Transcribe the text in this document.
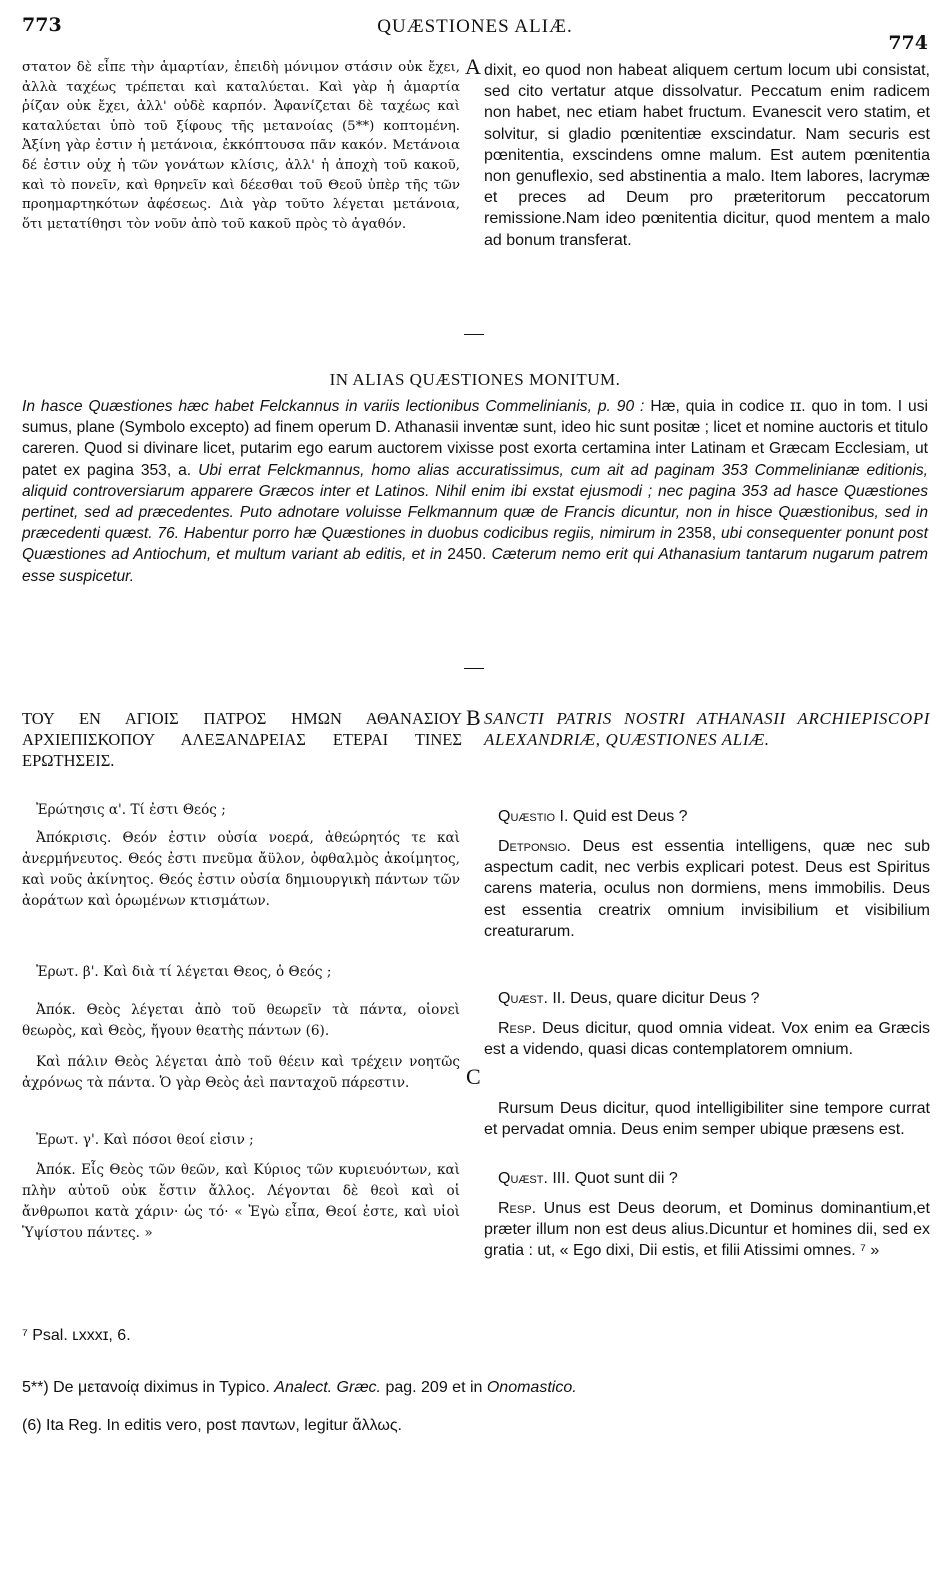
773	QUÆSTIONES ALIÆ.
774
στατον δὲ εἶπε τὴν ἁμαρτίαν, ἐπειδὴ μόνιμον στάσιν οὐκ ἔχει, ἀλλὰ ταχέως τρέπεται καὶ καταλύεται. Καὶ γὰρ ἡ ἁμαρτία ῥίζαν οὐκ ἔχει, ἀλλ' οὐδὲ καρπόν. Ἀφανίζεται δὲ ταχέως καὶ καταλύεται ὑπὸ τοῦ ξίφους τῆς μετανοίας (5**) κοπτομένη. Ἀξίνη γὰρ ἐστιν ἡ μετάνοια, ἐκκόπτουσα πᾶν κακόν. Μετάνοια δέ ἐστιν οὐχ ἡ τῶν γονάτων κλίσις, ἀλλ' ἡ ἀποχὴ τοῦ κακοῦ, καὶ τὸ πονεῖν, καὶ θρηνεῖν καὶ δέεσθαι τοῦ Θεοῦ ὑπὲρ τῆς τῶν προημαρτηκότων ἀφέσεως. Διὰ γὰρ τοῦτο λέγεται μετάνοια, ὅτι μετατίθησι τὸν νοῦν ἀπὸ τοῦ κακοῦ πρὸς τὸ ἀγαθόν.
A dixit, eo quod non habeat aliquem certum locum ubi consistat, sed cito vertatur atque dissolvatur. Peccatum enim radicem non habet, nec etiam habet fructum. Evanescit vero statim, et solvitur, si gladio pœnitentiæ exscindatur. Nam securis est pœnitentia, exscindens omne malum. Est autem pœnitentia non genuflexio, sed abstinentia a malo. Item labores, lacrymæ et preces ad Deum pro præteritorum peccatorum remissione.Nam ideo pœnitentia dicitur, quod mentem a malo ad bonum transferat.
IN ALIAS QUÆSTIONES MONITUM.
In hasce Quæstiones hæc habet Felckannus in variis lectionibus Commelinianis, p. 90 : Hæ, quia in codice ɪɪ. quo in tom. I usi sumus, plane (Symbolo excepto) ad finem operum D. Athanasii inventæ sunt, ideo hic sunt positæ ; licet et nomine auctoris et titulo careren. Quod si divinare licet, putarim ego earum auctorem vixisse post exorta certamina inter Latinam et Græcam Ecclesiam, ut patet ex pagina 353, a. Ubi errat Felckmannus, homo alias accuratissimus, cum ait ad paginam 353 Commelinianæ editionis, aliquid controversiarum apparere Græcos inter et Latinos. Nihil enim ibi exstat ejusmodi ; nec pagina 353 ad hasce Quæstiones pertinet, sed ad præcedentes. Puto adnotare voluisse Felkmannum quæ de Francis dicuntur, non in hisce Quæstionibus, sed in præcedenti quæst. 76. Habentur porro hæ Quæstiones in duobus codicibus regiis, nimirum in 2358, ubi consequenter ponunt post Quæstiones ad Antiochum, et multum variant ab editis, et in 2450. Cæterum nemo erit qui Athanasium tantarum nugarum patrem esse suspicetur.
ΤΟΥ ΕΝ ΑΓΙΟΙΣ ΠΑΤΡΟΣ ΗΜΩΝ ΑΘΑΝΑΣΙΟΥ ΑΡΧΙΕΠΙΣΚΟΠΟΥ ΑΛΕΞΑΝΔΡΕΙΑΣ ΕΤΕΡΑΙ ΤΙΝΕΣ ΕΡΩΤΗΣΕΙΣ.
B SANCTI PATRIS NOSTRI ATHANASII ARCHIEPISCOPI ALEXANDRIÆ, QUÆSTIONES ALIÆ.
Ἐρώτησις α'. Τί ἐστι Θεός ;
Ἀπόκρισις. Θεόν ἐστιν οὐσία νοερά, ἀθεώρητός τε καὶ ἀνερμήνευτος. Θεός ἐστι πνεῦμα ἄϋλον, ὀφθαλμὸς ἀκοίμητος, καὶ νοῦς ἀκίνητος. Θεός ἐστιν οὐσία δημιουργικὴ πάντων τῶν ἀοράτων καὶ ὁρωμένων κτισμάτων.
Ἐρωτ. β'. Καὶ διὰ τί λέγεται Θεος, ὁ Θεός ;
Ἀπόκ. Θεὸς λέγεται ἀπὸ τοῦ θεωρεῖν τὰ πάντα, οἱονεὶ θεωρὸς, καὶ Θεὸς, ἤγουν θεατὴς πάντων (6).
Καὶ πάλιν Θεὸς λέγεται ἀπὸ τοῦ θέειν καὶ τρέχειν νοητῶς ἀχρόνως τὰ πάντα. Ὁ γὰρ Θεὸς ἀεὶ πανταχοῦ πάρεστιν.
Ἐρωτ. γ'. Καὶ πόσοι θεοί εἰσιν ;
Ἀπόκ. Εἷς Θεὸς τῶν θεῶν, καὶ Κύριος τῶν κυριευόντων, καὶ πλὴν αὐτοῦ οὐκ ἔστιν ἄλλος. Λέγονται δὲ θεοὶ καὶ οἱ ἄνθρωποι κατὰ χάριν· ὡς τό· « Ἐγὼ εἶπα, Θεοί ἐστε, καὶ υἱοὶ Ὑψίστου πάντες. »
C
Quæstio I. Quid est Deus ?
Detponsio. Deus est essentia intelligens, quæ nec sub aspectum cadit, nec verbis explicari potest. Deus est Spiritus carens materia, oculus non dormiens, mens immobilis. Deus est essentia creatrix omnium invisibilium et visibilium creaturarum.
Quæst. II. Deus, quare dicitur Deus ?
Resp. Deus dicitur, quod omnia videat. Vox enim ea Græcis est a videndo, quasi dicas contemplatorem omnium.
Rursum Deus dicitur, quod intelligibiliter sine tempore currat et pervadat omnia. Deus enim semper ubique præsens est.
Quæst. III. Quot sunt dii ?
Resp. Unus est Deus deorum, et Dominus dominantium,et præter illum non est deus alius.Dicuntur et homines dii, sed ex gratia : ut, « Ego dixi, Dii estis, et filii Atissimi omnes. ⁷ »
⁷ Psal. ʟxxxɪ, 6.
5**) De μετανοίᾳ diximus in Typico. Analect. Græc. pag. 209 et in Onomastico.
(6) Ita Reg. In editis vero, post παντων, legitur ἄλλως.
